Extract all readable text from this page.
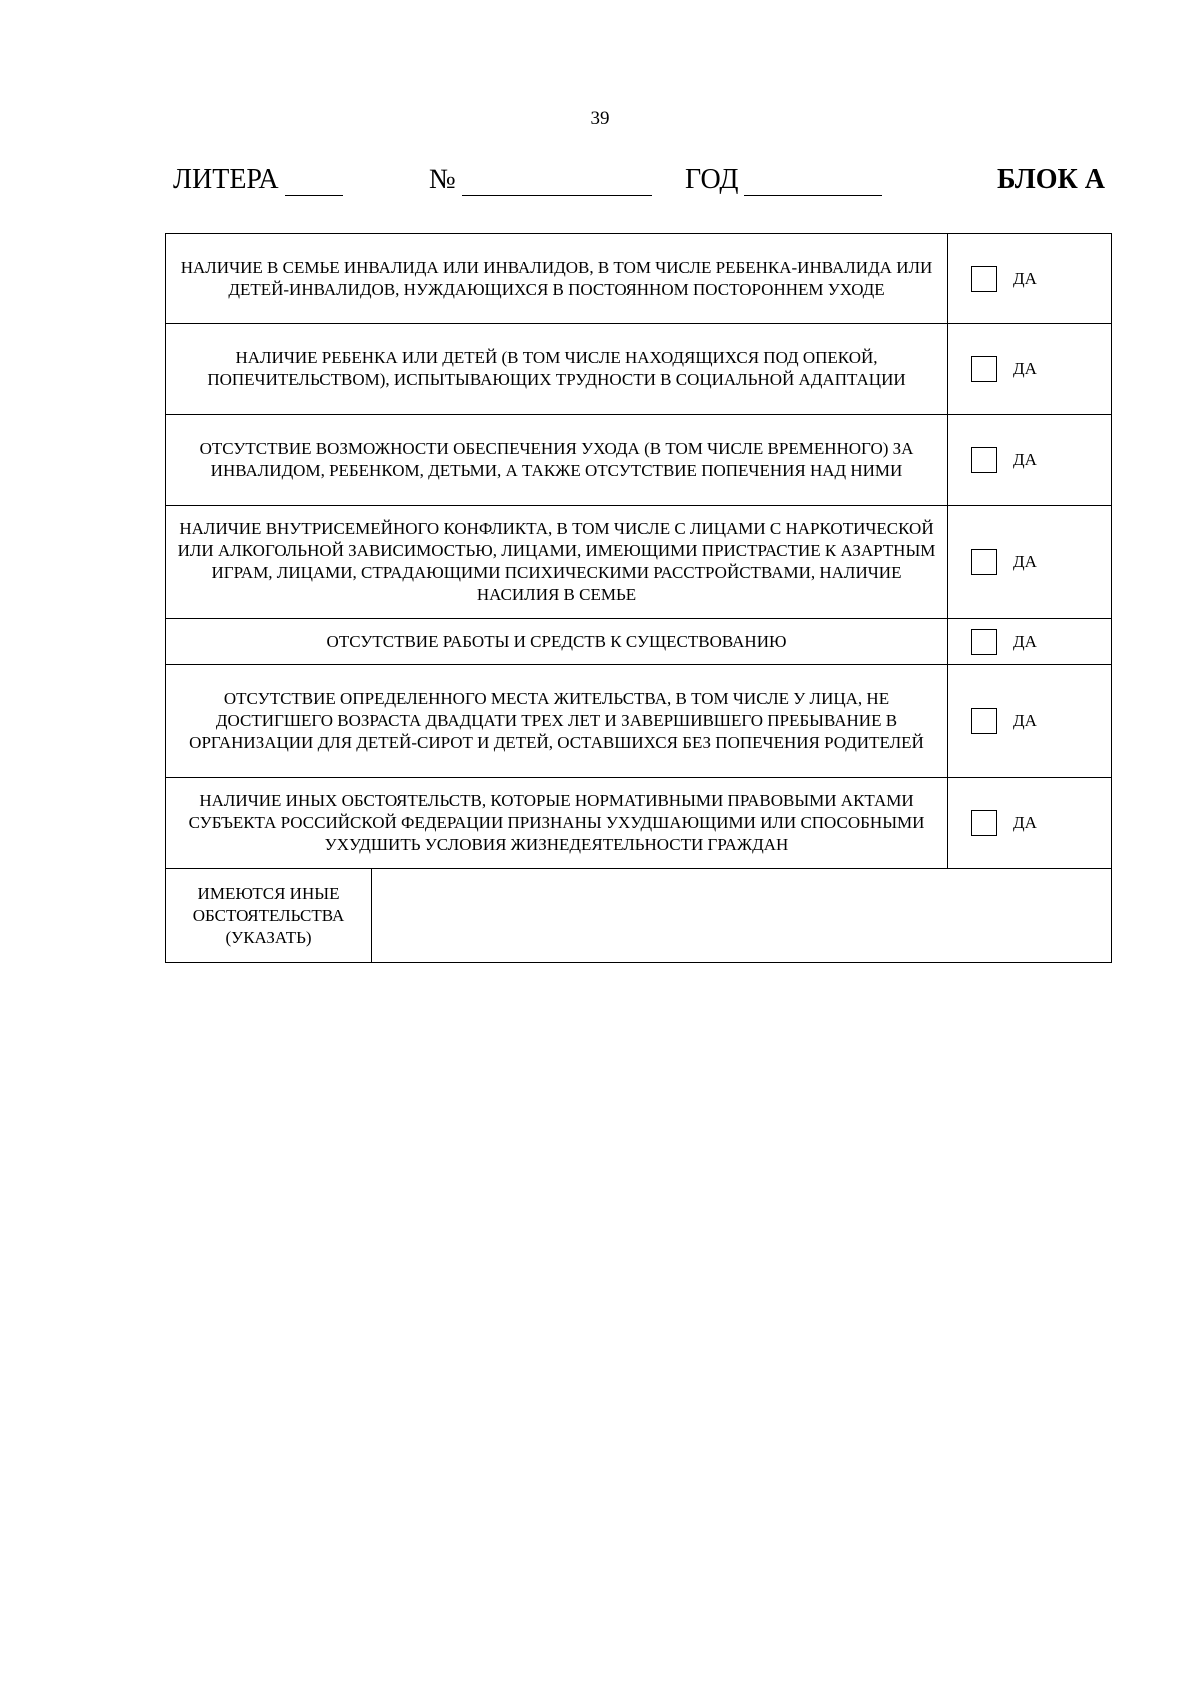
39
ЛИТЕРА	№	ГОД	БЛОК А
НАЛИЧИЕ В СЕМЬЕ ИНВАЛИДА ИЛИ ИНВАЛИДОВ, В ТОМ ЧИСЛЕ РЕБЕНКА-ИНВАЛИДА ИЛИ ДЕТЕЙ-ИНВАЛИДОВ, НУЖДАЮЩИХСЯ В ПОСТОЯННОМ ПОСТОРОННЕМ УХОДЕ		ДА

НАЛИЧИЕ РЕБЕНКА ИЛИ ДЕТЕЙ (В ТОМ ЧИСЛЕ НАХОДЯЩИХСЯ ПОД ОПЕКОЙ, ПОПЕЧИТЕЛЬСТВОМ), ИСПЫТЫВАЮЩИХ ТРУДНОСТИ В СОЦИАЛЬНОЙ АДАПТАЦИИ		ДА

ОТСУТСТВИЕ ВОЗМОЖНОСТИ ОБЕСПЕЧЕНИЯ УХОДА (В ТОМ ЧИСЛЕ ВРЕМЕННОГО) ЗА ИНВАЛИДОМ, РЕБЕНКОМ, ДЕТЬМИ, А ТАКЖЕ ОТСУТСТВИЕ ПОПЕЧЕНИЯ НАД НИМИ		ДА

НАЛИЧИЕ ВНУТРИСЕМЕЙНОГО КОНФЛИКТА, В ТОМ ЧИСЛЕ С ЛИЦАМИ С НАРКОТИЧЕСКОЙ ИЛИ АЛКОГОЛЬНОЙ ЗАВИСИМОСТЬЮ, ЛИЦАМИ, ИМЕЮЩИМИ ПРИСТРАСТИЕ К АЗАРТНЫМ ИГРАМ, ЛИЦАМИ, СТРАДАЮЩИМИ ПСИХИЧЕСКИМИ РАССТРОЙСТВАМИ, НАЛИЧИЕ НАСИЛИЯ В СЕМЬЕ		ДА

ОТСУТСТВИЕ РАБОТЫ И СРЕДСТВ К СУЩЕСТВОВАНИЮ		ДА

ОТСУТСТВИЕ ОПРЕДЕЛЕННОГО МЕСТА ЖИТЕЛЬСТВА, В ТОМ ЧИСЛЕ У ЛИЦА, НЕ ДОСТИГШЕГО ВОЗРАСТА ДВАДЦАТИ ТРЕХ ЛЕТ И ЗАВЕРШИВШЕГО ПРЕБЫВАНИЕ В ОРГАНИЗАЦИИ ДЛЯ ДЕТЕЙ-СИРОТ И ДЕТЕЙ, ОСТАВШИХСЯ БЕЗ ПОПЕЧЕНИЯ РОДИТЕЛЕЙ		ДА

НАЛИЧИЕ ИНЫХ ОБСТОЯТЕЛЬСТВ, КОТОРЫЕ НОРМАТИВНЫМИ ПРАВОВЫМИ АКТАМИ СУБЪЕКТА РОССИЙСКОЙ ФЕДЕРАЦИИ ПРИЗНАНЫ УХУДШАЮЩИМИ ИЛИ СПОСОБНЫМИ УХУДШИТЬ УСЛОВИЯ ЖИЗНЕДЕЯТЕЛЬНОСТИ ГРАЖДАН		ДА

ИМЕЮТСЯ ИНЫЕ
ОБСТОЯТЕЛЬСТВА
(УКАЗАТЬ)
